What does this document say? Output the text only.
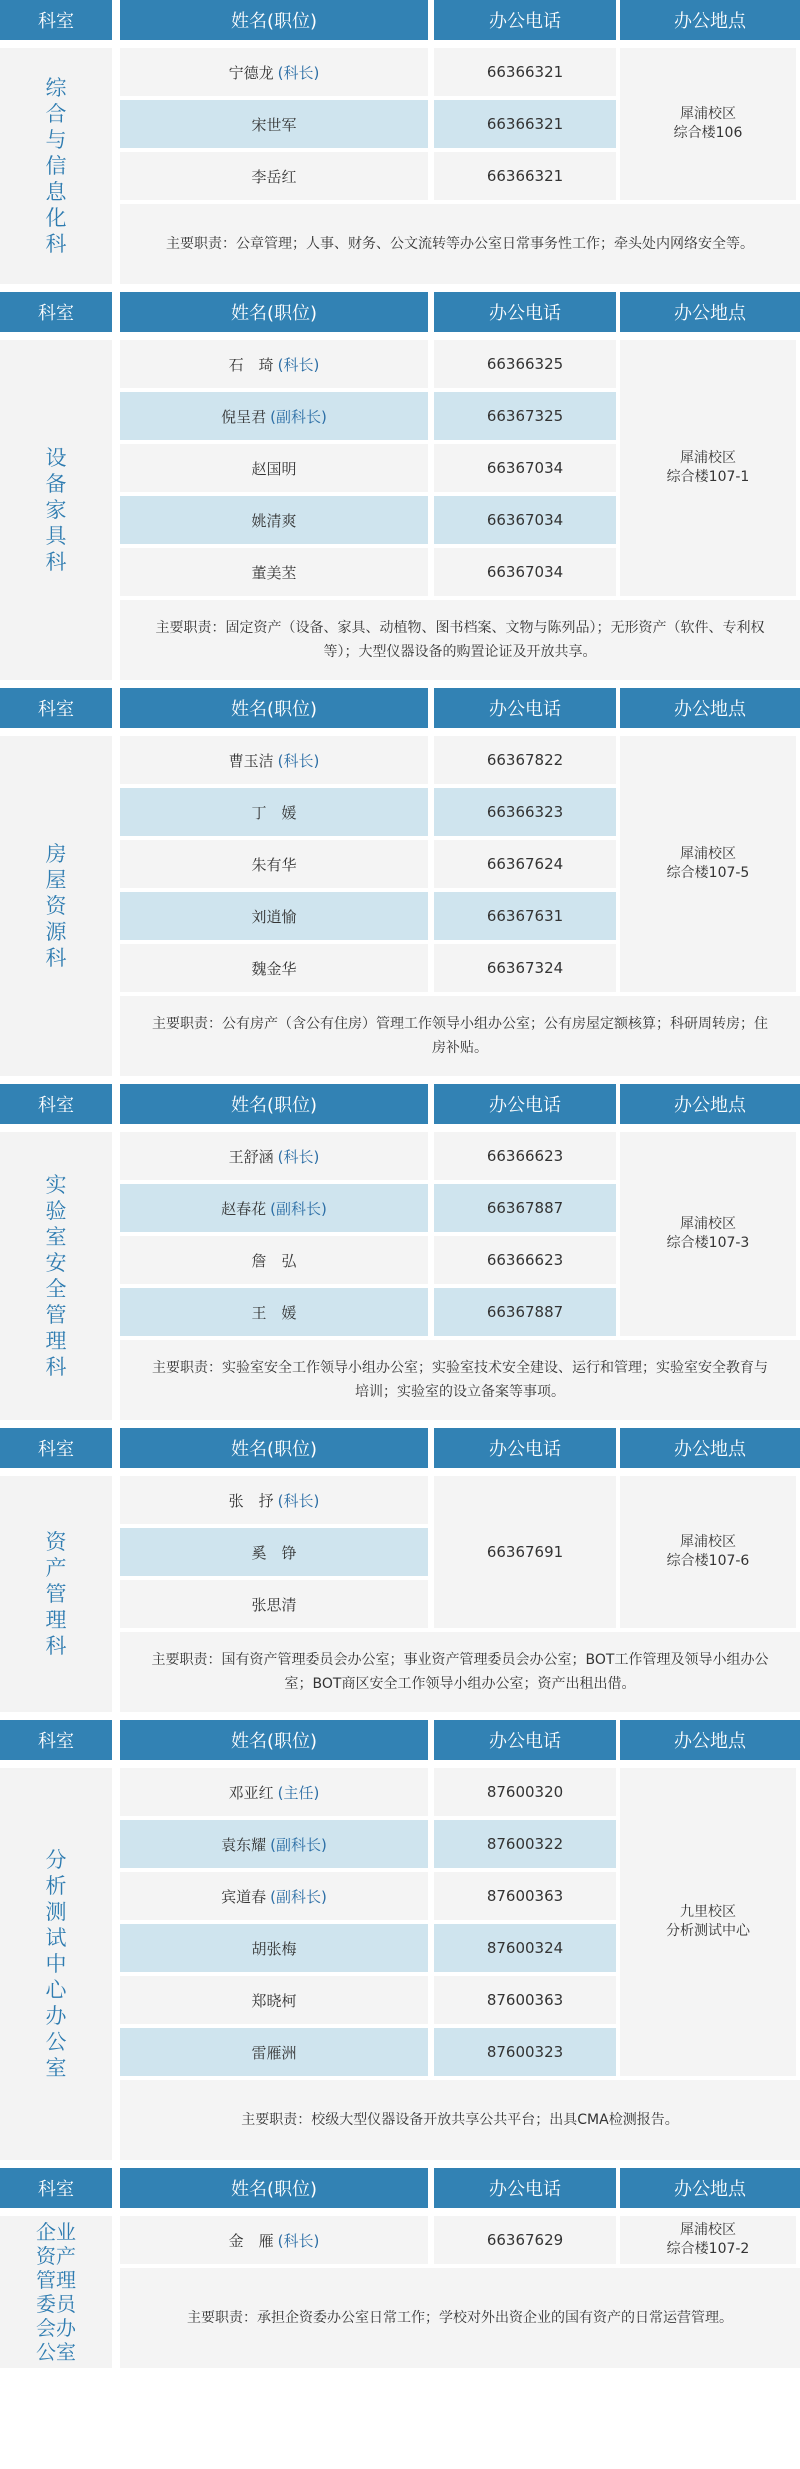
科室	姓名(职位)	办公电话	办公地点
综合与信息化科
宁德龙 (科长)	66366321
宋世军	66366321
李岳红	66366321
犀浦校区
综合楼106
主要职责：公章管理；人事、财务、公文流转等办公室日常事务性工作；牵头处内网络安全等。
科室	姓名(职位)	办公电话	办公地点
设备家具科
石　琦 (科长)	66366325
倪呈君 (副科长)	66367325
赵国明	66367034
姚清爽	66367034
董美苤	66367034
犀浦校区
综合楼107-1
主要职责：固定资产（设备、家具、动植物、图书档案、文物与陈列品）；无形资产（软件、专利权等）；大型仪器设备的购置论证及开放共享。
科室	姓名(职位)	办公电话	办公地点
房屋资源科
曹玉洁 (科长)	66367822
丁　媛	66366323
朱有华	66367624
刘逍愉	66367631
魏金华	66367324
犀浦校区
综合楼107-5
主要职责：公有房产（含公有住房）管理工作领导小组办公室；公有房屋定额核算；科研周转房；住房补贴。
科室	姓名(职位)	办公电话	办公地点
实验室安全管理科
王舒涵 (科长)	66366623
赵春花 (副科长)	66367887
詹　弘	66366623
王　媛	66367887
犀浦校区
综合楼107-3
主要职责：实验室安全工作领导小组办公室；实验室技术安全建设、运行和管理；实验室安全教育与培训；实验室的设立备案等事项。
科室	姓名(职位)	办公电话	办公地点
资产管理科
张　抒 (科长)
奚　铮
张思清
66367691
犀浦校区
综合楼107-6
主要职责：国有资产管理委员会办公室；事业资产管理委员会办公室；BOT工作管理及领导小组办公室；BOT商区安全工作领导小组办公室；资产出租出借。
科室	姓名(职位)	办公电话	办公地点
分析测试中心办公室
邓亚红 (主任)	87600320
袁东耀 (副科长)	87600322
宾道春 (副科长)	87600363
胡张梅	87600324
郑晓柯	87600363
雷雁洲	87600323
九里校区
分析测试中心
主要职责：校级大型仪器设备开放共享公共平台；出具CMA检测报告。
科室	姓名(职位)	办公电话	办公地点
企业资产管理委员会办公室
金　雁 (科长)	66367629
犀浦校区
综合楼107-2
主要职责：承担企资委办公室日常工作；学校对外出资企业的国有资产的日常运营管理。
